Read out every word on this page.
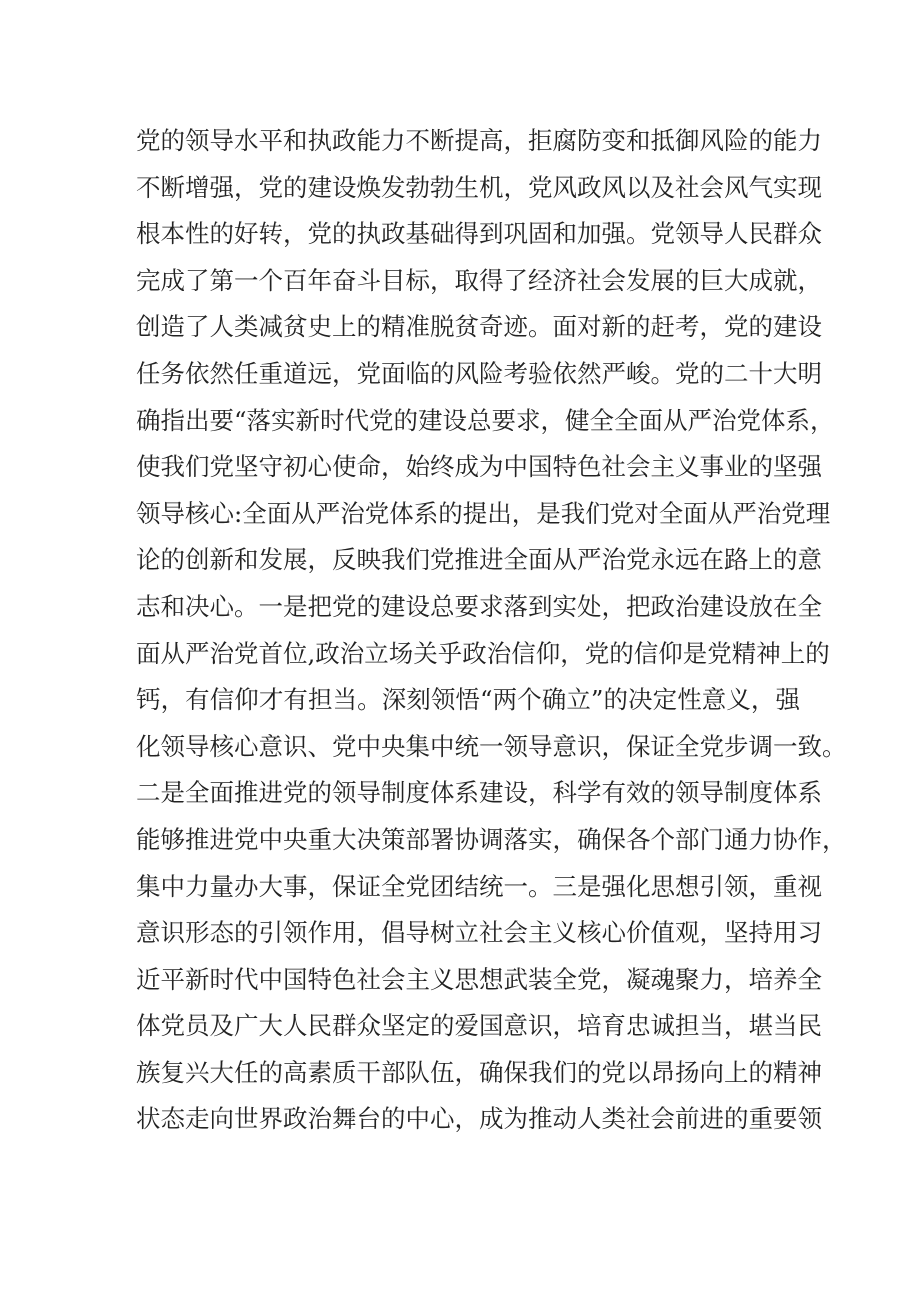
党的领导水平和执政能力不断提高，拒腐防变和抵御风险的能力
不断增强，党的建设焕发勃勃生机，党风政风以及社会风气实现
根本性的好转，党的执政基础得到巩固和加强。党领导人民群众
完成了第一个百年奋斗目标，取得了经济社会发展的巨大成就，
创造了人类减贫史上的精准脱贫奇迹。面对新的赶考，党的建设
任务依然任重道远，党面临的风险考验依然严峻。党的二十大明
确指出要“落实新时代党的建设总要求，健全全面从严治党体系，
使我们党坚守初心使命，始终成为中国特色社会主义事业的坚强
领导核心:全面从严治党体系的提出，是我们党对全面从严治党理
论的创新和发展，反映我们党推进全面从严治党永远在路上的意
志和决心。一是把党的建设总要求落到实处，把政治建设放在全
面从严治党首位,政治立场关乎政治信仰，党的信仰是党精神上的
钙，有信仰才有担当。深刻领悟“两个确立”的决定性意义，强
化领导核心意识、党中央集中统一领导意识，保证全党步调一致。
二是全面推进党的领导制度体系建设，科学有效的领导制度体系
能够推进党中央重大决策部署协调落实，确保各个部门通力协作，
集中力量办大事，保证全党团结统一。三是强化思想引领，重视
意识形态的引领作用，倡导树立社会主义核心价值观，坚持用习
近平新时代中国特色社会主义思想武装全党，凝魂聚力，培养全
体党员及广大人民群众坚定的爱国意识，培育忠诚担当，堪当民
族复兴大任的高素质干部队伍，确保我们的党以昂扬向上的精神
状态走向世界政治舞台的中心，成为推动人类社会前进的重要领
